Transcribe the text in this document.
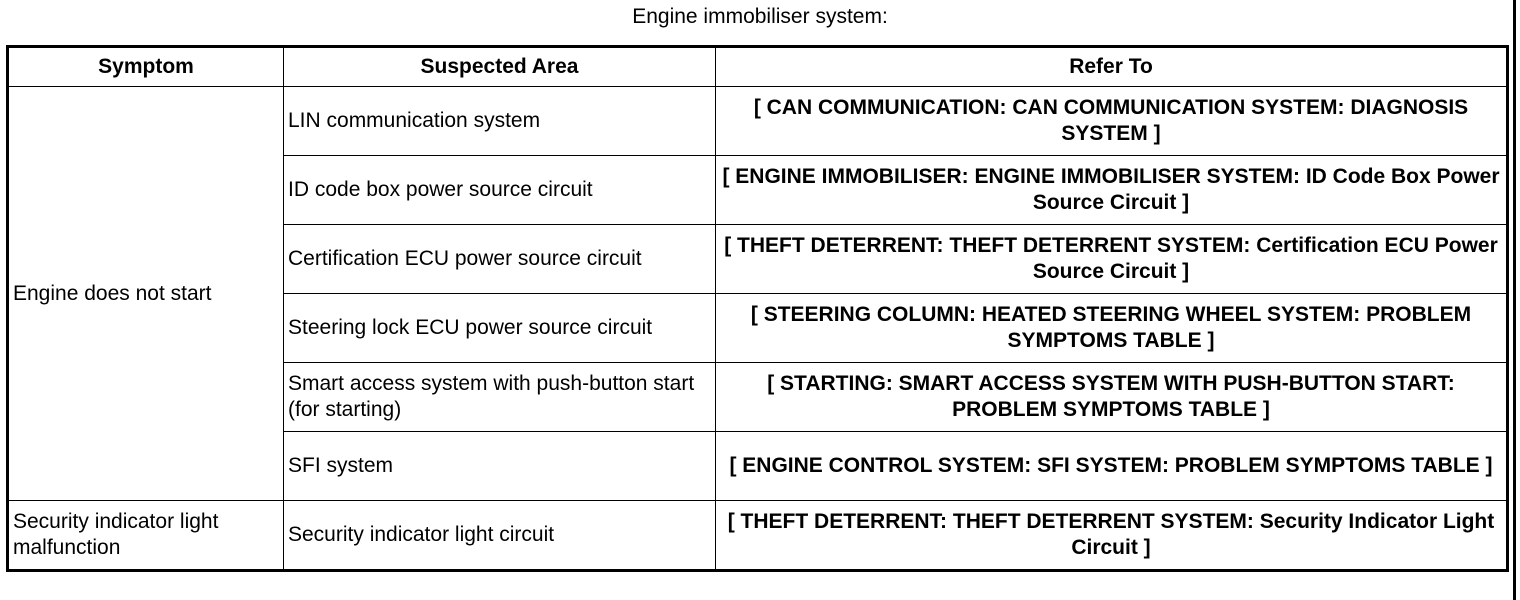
Engine immobiliser system:
Symptom	Suspected Area	Refer To
Engine does not start	LIN communication system	[ CAN COMMUNICATION: CAN COMMUNICATION SYSTEM: DIAGNOSIS SYSTEM ]
	ID code box power source circuit	[ ENGINE IMMOBILISER: ENGINE IMMOBILISER SYSTEM: ID Code Box Power Source Circuit ]
	Certification ECU power source circuit	[ THEFT DETERRENT: THEFT DETERRENT SYSTEM: Certification ECU Power Source Circuit ]
	Steering lock ECU power source circuit	[ STEERING COLUMN: HEATED STEERING WHEEL SYSTEM: PROBLEM SYMPTOMS TABLE ]
	Smart access system with push-button start (for starting)	[ STARTING: SMART ACCESS SYSTEM WITH PUSH-BUTTON START: PROBLEM SYMPTOMS TABLE ]
	SFI system	[ ENGINE CONTROL SYSTEM: SFI SYSTEM: PROBLEM SYMPTOMS TABLE ]
Security indicator light malfunction	Security indicator light circuit	[ THEFT DETERRENT: THEFT DETERRENT SYSTEM: Security Indicator Light Circuit ]
